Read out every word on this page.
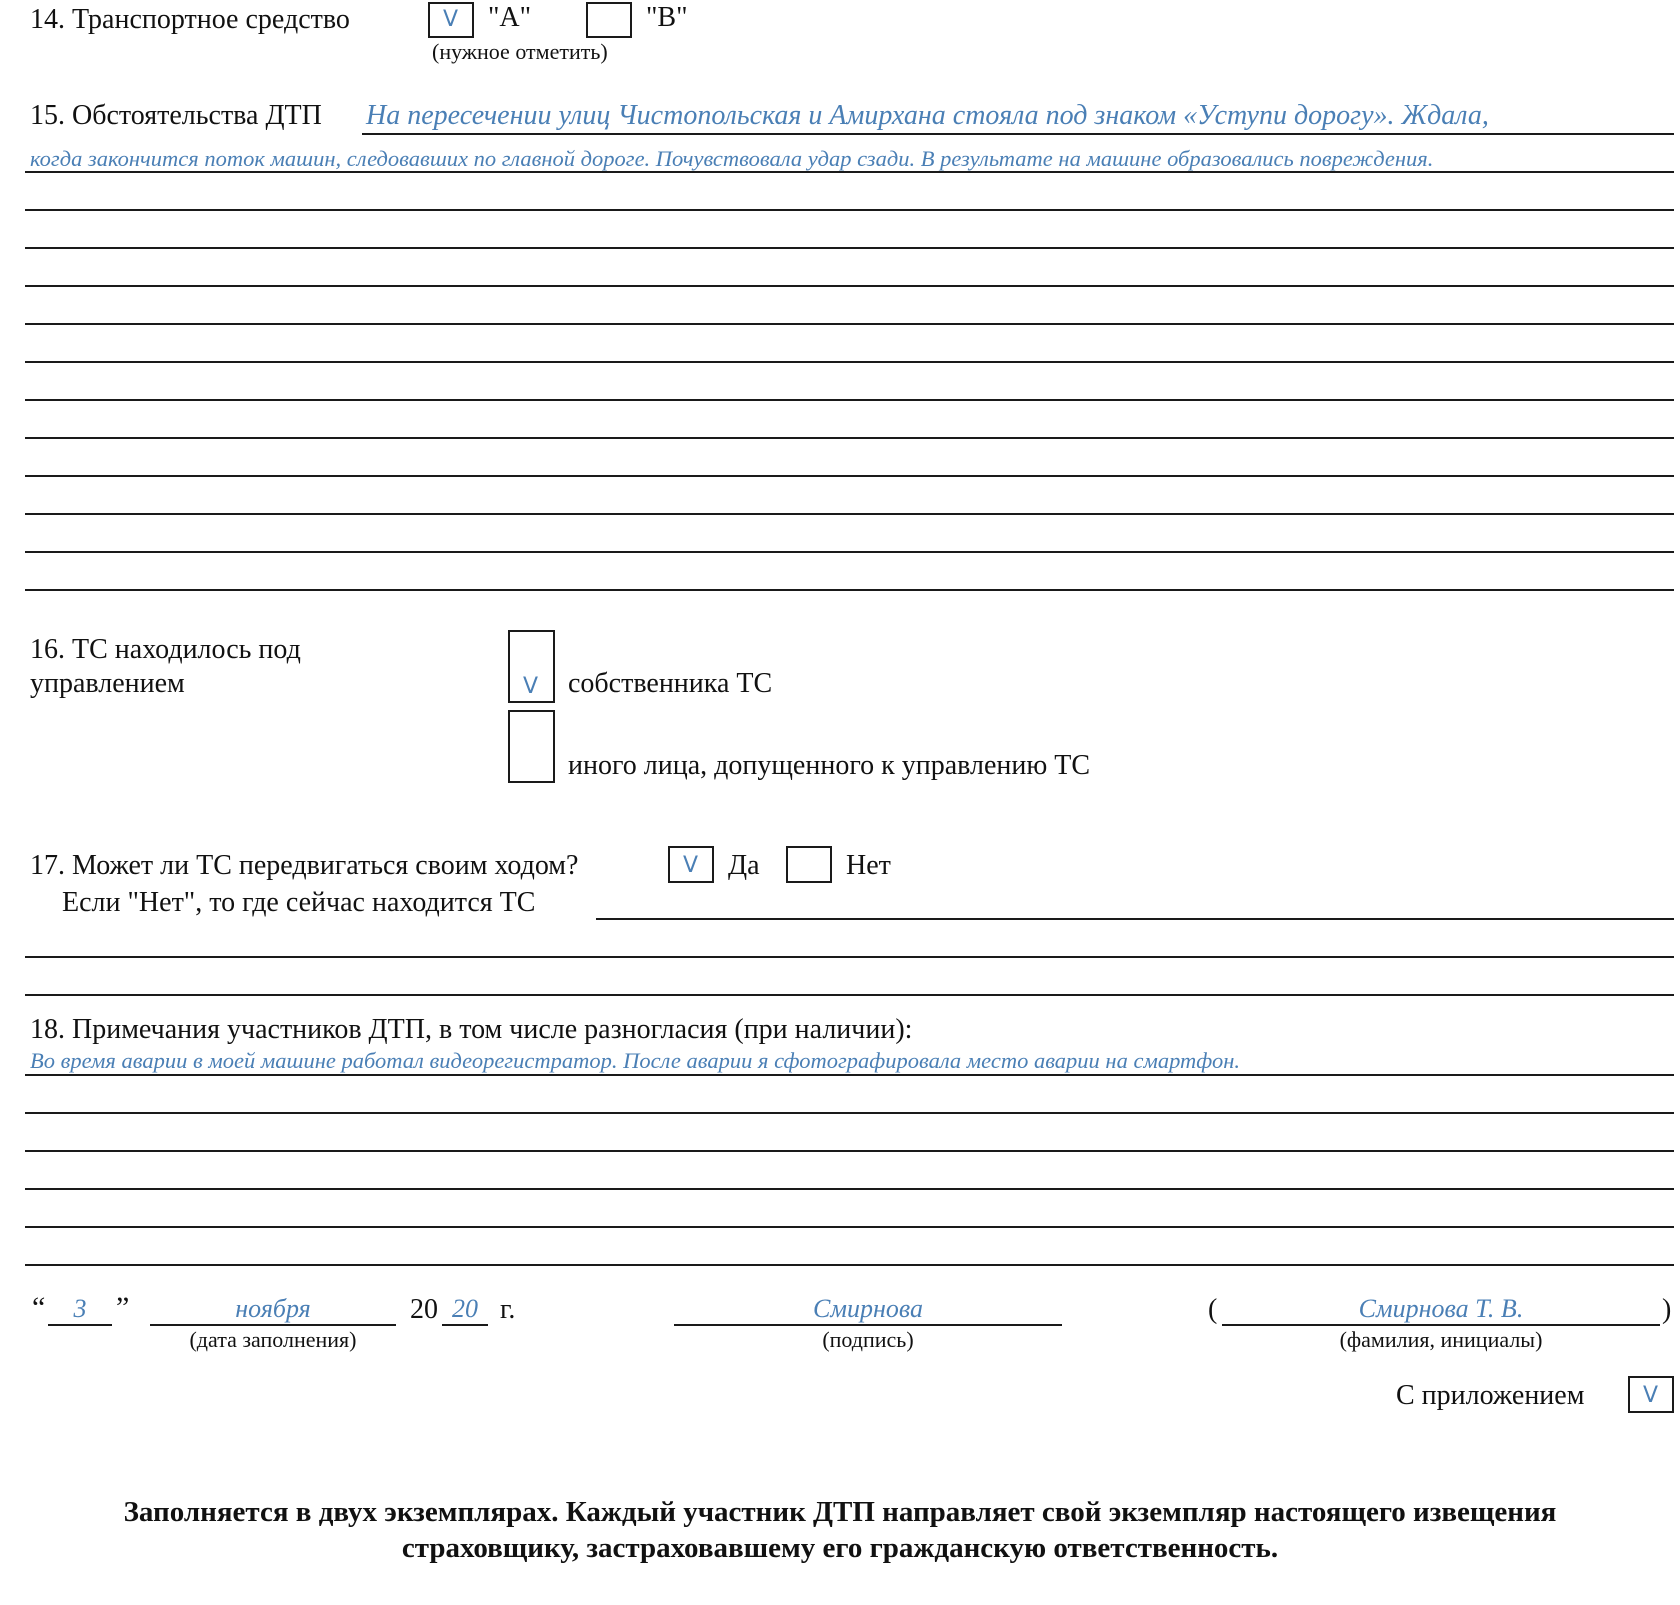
14. Транспортное средство	V "А"	"В"
(нужное отметить)
15. Обстоятельства ДТП На пересечении улиц Чистопольская и Амирхана стояла под знаком «Уступи дорогу». Ждала,
когда закончится поток машин, следовавших по главной дороге. Почувствовала удар сзади. В результате на машине образовались повреждения.
16. ТС находилось под
управлением	V собственника ТС
иного лица, допущенного к управлению ТС
17. Может ли ТС передвигаться своим ходом?	V Да	Нет
Если "Нет", то где сейчас находится ТС
18. Примечания участников ДТП, в том числе разногласия (при наличии):
Во время аварии в моей машине работал видеорегистратор. После аварии я сфотографировала место аварии на смартфон.
“	3 ”	ноября	20 20 г.
(дата заполнения)
Смирнова
(подпись)
(	Смирнова Т. В.	)
(фамилия, инициалы)
С приложением	V
Заполняется в двух экземплярах. Каждый участник ДТП направляет свой экземпляр настоящего извещения
страховщику, застраховавшему его гражданскую ответственность.
